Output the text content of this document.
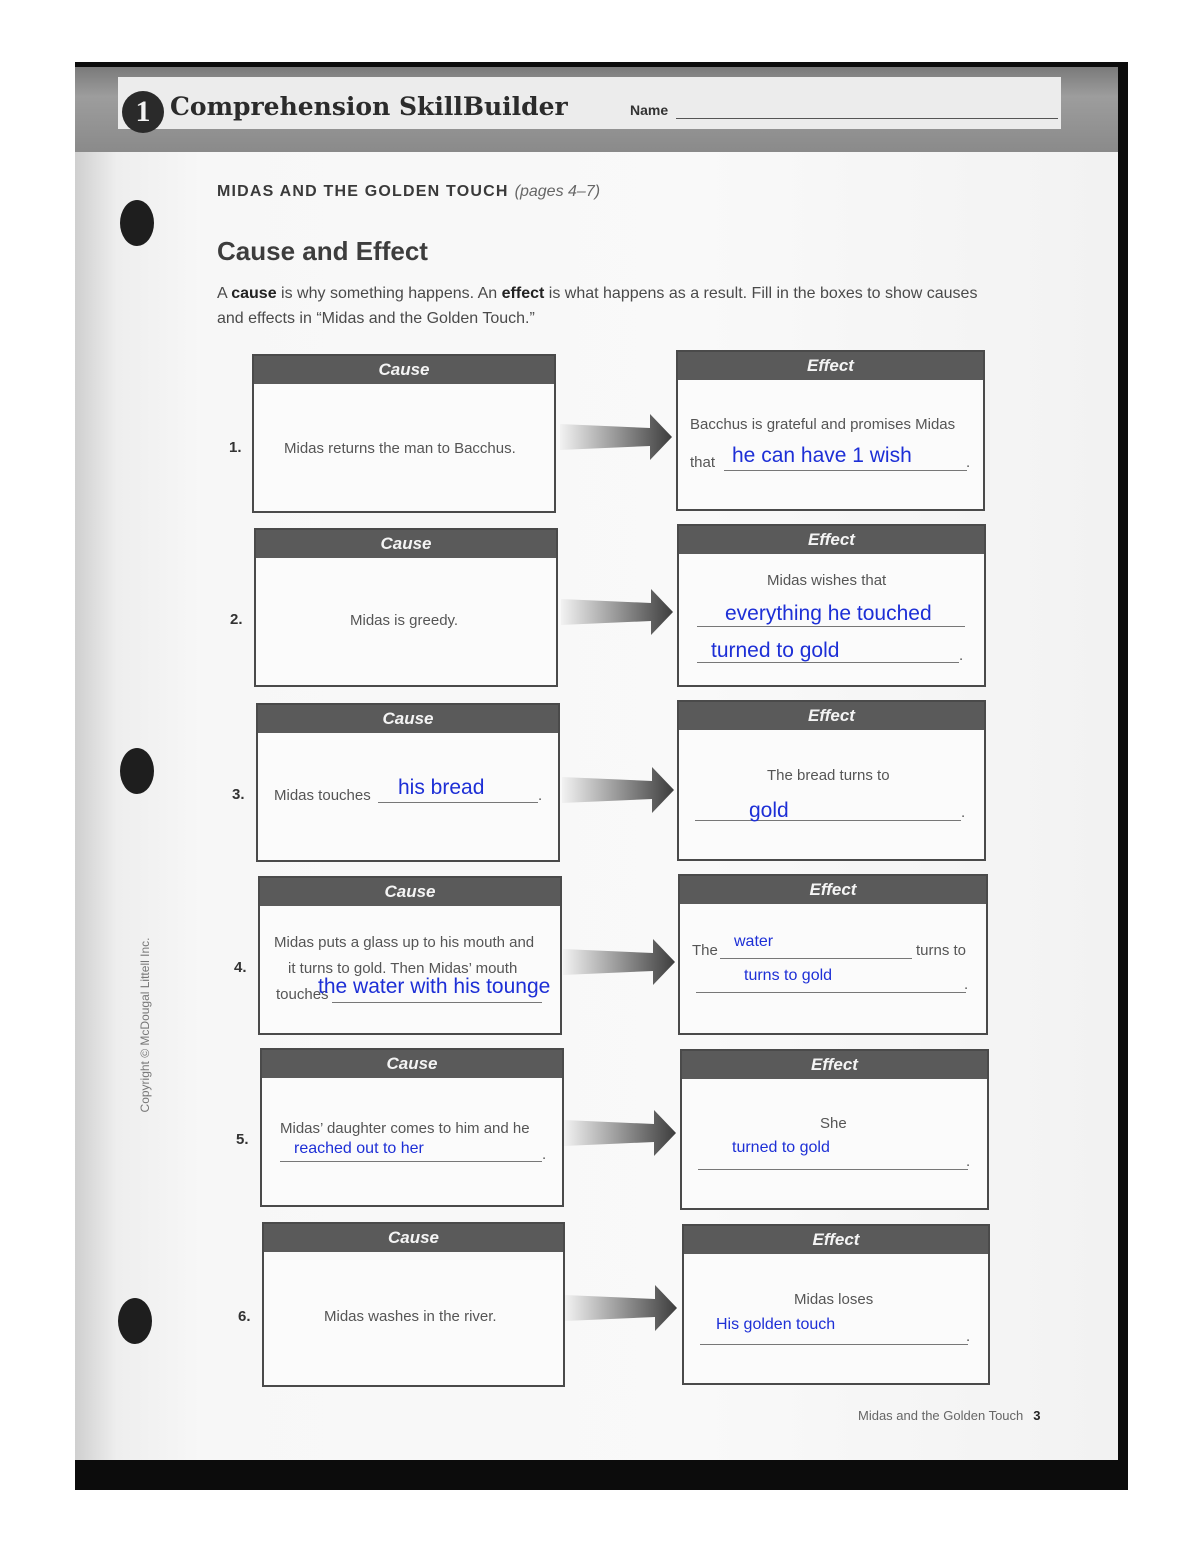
1 Comprehension SkillBuilder	Name
Copyright © McDougal Littell Inc.
MIDAS AND THE GOLDEN TOUCH (pages 4–7)
Cause and Effect
A cause is why something happens. An effect is what happens as a result. Fill in the boxes to show causes and effects in “Midas and the Golden Touch.”
1.
Cause
Midas returns the man to Bacchus.
Effect
Bacchus is grateful and promises Midas
that	.
he can have 1 wish
2.
Cause
Midas is greedy.
Effect
Midas wishes that
.
everything he touched
turned to gold
3.
Cause
Midas touches	.
his bread
Effect
The bread turns to
.
gold
4.
Cause
Midas puts a glass up to his mouth and
it turns to gold. Then Midas’ mouth
touches
the water with his tounge
Effect
The	turns to
.
water
turns to gold
5.
Cause
Midas’ daughter comes to him and he
.
reached out to her
Effect
She
.
turned to gold
6.
Cause
Midas washes in the river.
Effect
Midas loses
.
His golden touch
Midas and the Golden Touch 3
